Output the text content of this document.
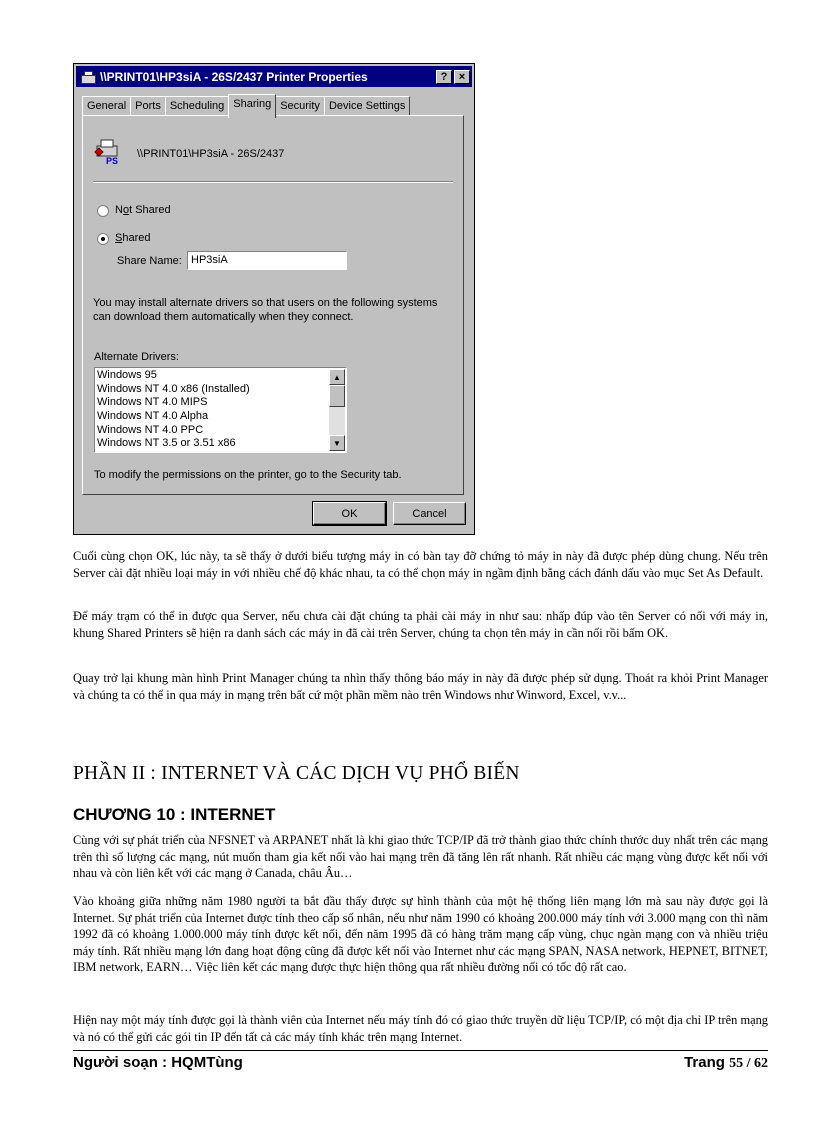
\\PRINT01\HP3siA - 26S/2437 Printer Properties	?	×
General Ports Scheduling Sharing Security Device Settings
PS
\\PRINT01\HP3siA - 26S/2437
Not Shared
Shared
Share Name: HP3siA
You may install alternate drivers so that users on the following systems can download them automatically when they connect.
Alternate Drivers:
Windows 95
Windows NT 4.0 x86 (Installed)
Windows NT 4.0 MIPS
Windows NT 4.0 Alpha
Windows NT 4.0 PPC
Windows NT 3.5 or 3.51 x86
▲
▼
To modify the permissions on the printer, go to the Security tab.
OK	Cancel
Cuối cùng chọn OK, lúc này, ta sẽ thấy ở dưới biểu tượng máy in có bàn tay đỡ chứng tỏ máy in này đã được phép dùng chung. Nếu trên Server cài đặt nhiều loại máy in với nhiều chế độ khác nhau, ta có thể chọn máy in ngầm định bằng cách đánh dấu vào mục Set As Default.
Để máy trạm có thể in được qua Server, nếu chưa cài đặt chúng ta phải cài máy in như sau: nhấp đúp vào tên Server có nối với máy in, khung Shared Printers sẽ hiện ra danh sách các máy in đã cài trên Server, chúng ta chọn tên máy in cần nối rồi bấm OK.
Quay trở lại khung màn hình Print Manager chúng ta nhìn thấy thông báo máy in này đã được phép sử dụng. Thoát ra khỏi Print Manager và chúng ta có thể in qua máy in mạng trên bất cứ một phần mềm nào trên Windows như Winword, Excel, v.v...
PHẦN II : INTERNET VÀ CÁC DỊCH VỤ PHỔ BIẾN
CHƯƠNG 10 : INTERNET
Cùng với sự phát triển của NFSNET và ARPANET nhất là khi giao thức TCP/IP đã trở thành giao thức chính thước duy nhất trên các mạng trên thì số lượng các mạng, nút muốn tham gia kết nối vào hai mạng trên đã tăng lên rất nhanh. Rất nhiều các mạng vùng được kết nối với nhau và còn liên kết với các mạng ở Canada, châu Âu…
Vào khoảng giữa những năm 1980 người ta bắt đầu thấy được sự hình thành của một hệ thống liên mạng lớn mà sau này được gọi là Internet. Sự phát triển của Internet được tính theo cấp số nhân, nếu như năm 1990 có khoảng 200.000 máy tính với 3.000 mạng con thì năm 1992 đã có khoảng 1.000.000 máy tính được kết nối, đến năm 1995 đã có hàng trăm mạng cấp vùng, chục ngàn mạng con và nhiều triệu máy tính. Rất nhiều mạng lớn đang hoạt động cũng đã được kết nối vào Internet như các mạng SPAN, NASA network, HEPNET, BITNET, IBM network, EARN… Việc liên kết các mạng được thực hiện thông qua rất nhiều đường nối có tốc độ rất cao.
Hiện nay một máy tính được gọi là thành viên của Internet nếu máy tính đó có giao thức truyền dữ liệu TCP/IP, có một địa chỉ IP trên mạng và nó có thể gửi các gói tin IP đến tất cả các máy tính khác trên mạng Internet.
Người soạn : HQMTùng	Trang 55 / 62
